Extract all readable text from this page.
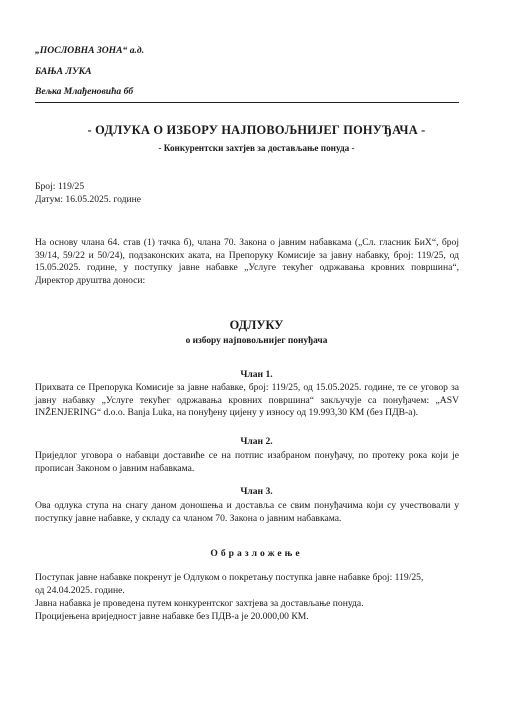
„ПОСЛОВНА ЗОНА“ а.д.
БАЊА ЛУКА
Вељка Млађеновића бб
- ОДЛУКА О ИЗБОРУ НАЈПОВОЉНИЈЕГ ПОНУЂАЧА -
- Конкурентски захтјев за достављање понуда -
Број: 119/25
Датум: 16.05.2025. године
На основу члана 64. став (1) тачка б), члана 70. Закона о јавним набавкама („Сл. гласник БиХ“, број 39/14, 59/22 и 50/24), подзаконских аката, на Препоруку Комисије за јавну набавку, број: 119/25, од 15.05.2025. године, у поступку јавне набавке „Услуге текућег одржавања кровних површина“, Директор друштва доноси:
ОДЛУКУ
о избору најповољнијег понуђача
Члан 1.
Прихвата се Препорука Комисије за јавне набавке, број: 119/25, од 15.05.2025. године, те се уговор за јавну набавку „Услуге текућег одржавања кровних површина“ закључује са понуђачем: „ASV INŽENJERING“ d.o.o. Banja Luka, на понуђену цијену у износу од 19.993,30 КМ (без ПДВ-а).
Члан 2.
Приједлог уговора о набавци доставиће се на потпис изабраном понуђачу, по протеку рока који је прописан Законом о јавним набавкама.
Члан 3.
Ова одлука ступа на снагу даном доношења и доставља се свим понуђачима који су учествовали у поступку јавне набавке, у складу са чланом 70. Закона о јавним набавкама.
Образложење
Поступак јавне набавке покренут је Одлуком о покретању поступка јавне набавке број: 119/25,
од 24.04.2025. године.
Јавна набавка је проведена путем конкурентског захтјева за достављање понуда.
Процијењена вриједност јавне набавке без ПДВ-а је 20.000,00 КМ.
